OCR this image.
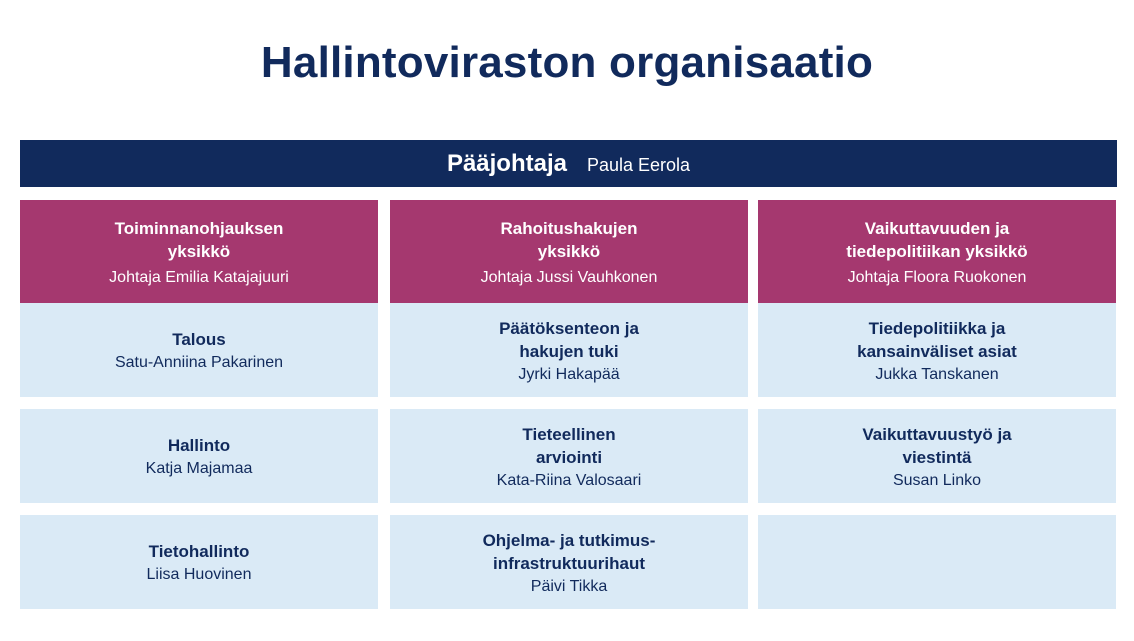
Hallintoviraston organisaatio
Pääjohtaja Paula Eerola
Toiminnanohjauksen
yksikkö
Johtaja Emilia Katajajuuri
Talous
Satu-Anniina Pakarinen
Hallinto
Katja Majamaa
Tietohallinto
Liisa Huovinen
Rahoitushakujen
yksikkö
Johtaja Jussi Vauhkonen
Päätöksenteon ja
hakujen tuki
Jyrki Hakapää
Tieteellinen
arviointi
Kata-Riina Valosaari
Ohjelma- ja tutkimus-
infrastruktuurihaut
Päivi Tikka
Vaikuttavuuden ja
tiedepolitiikan yksikkö
Johtaja Floora Ruokonen
Tiedepolitiikka ja
kansainväliset asiat
Jukka Tanskanen
Vaikuttavuustyö ja
viestintä
Susan Linko
